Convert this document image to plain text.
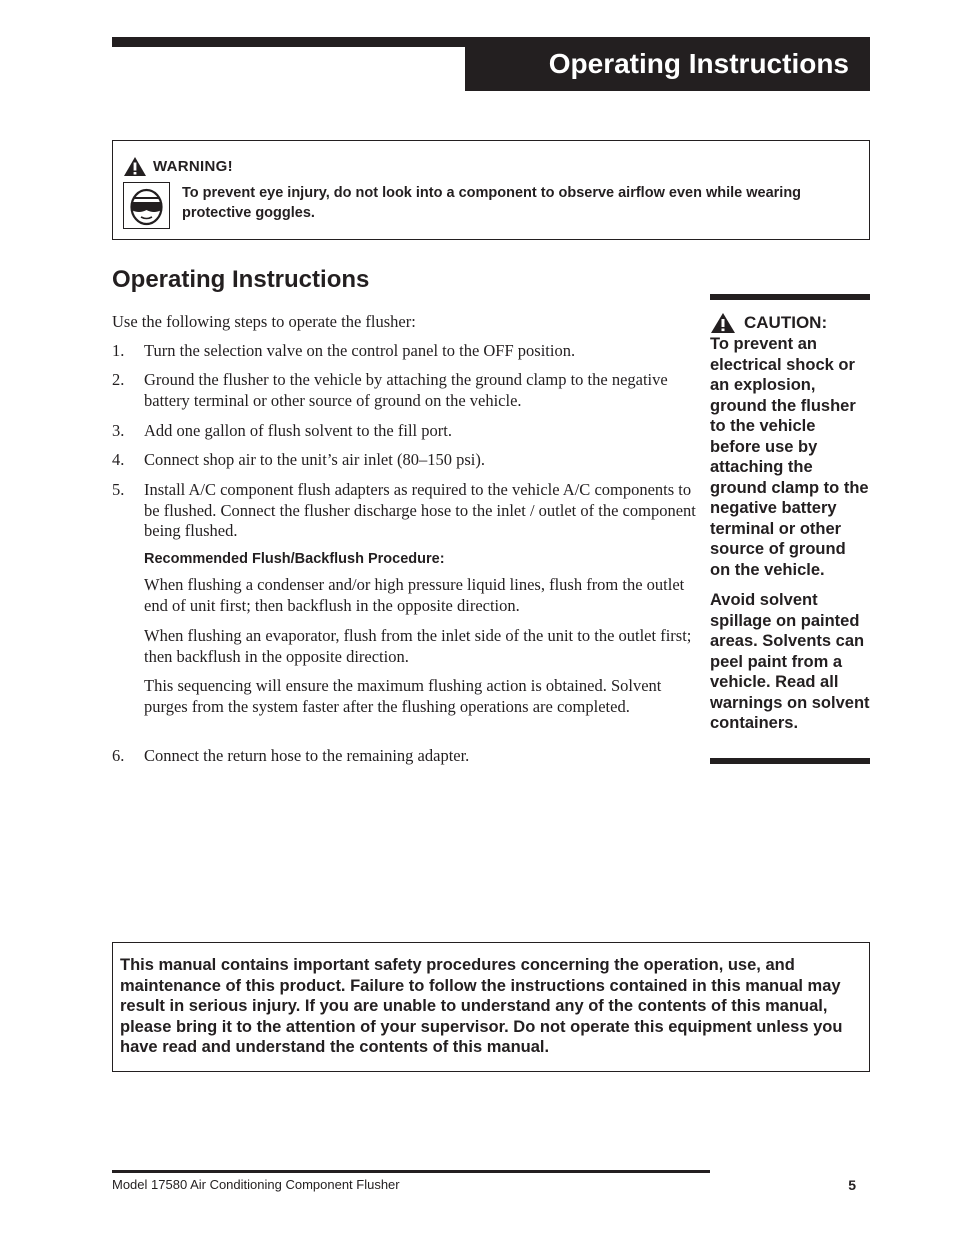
Operating Instructions
WARNING!
To prevent eye injury, do not look into a component to observe airflow even while wearing protective goggles.
Operating Instructions
Use the following steps to operate the flusher:
1. Turn the selection valve on the control panel to the OFF position.
2. Ground the flusher to the vehicle by attaching the ground clamp to the negative battery terminal or other source of ground on the vehicle.
3. Add one gallon of flush solvent to the fill port.
4. Connect shop air to the unit’s air inlet (80–150 psi).
5. Install A/C component flush adapters as required to the vehicle A/C components to be flushed. Connect the flusher discharge hose to the inlet / outlet of the component being flushed.
Recommended Flush/Backflush Procedure:
When flushing a condenser and/or high pressure liquid lines, flush from the outlet end of unit first; then backflush in the opposite direction.
When flushing an evaporator, flush from the inlet side of the unit to the outlet first; then backflush in the opposite direction.
This sequencing will ensure the maximum flushing action is obtained. Solvent purges from the system faster after the flushing operations are completed.
6. Connect the return hose to the remaining adapter.
CAUTION:

To prevent an electrical shock or an explosion, ground the flusher to the vehicle before use by attaching the ground clamp to the negative battery terminal or other source of ground on the vehicle.

Avoid solvent spillage on painted areas. Solvents can peel paint from a vehicle. Read all warnings on solvent containers.

This manual contains important safety procedures concerning the operation, use, and maintenance of this product. Failure to follow the instructions contained in this manual may result in serious injury. If you are unable to understand any of the contents of this manual, please bring it to the attention of your supervisor. Do not operate this equipment unless you have read and understand the contents of this manual.
Model 17580 Air Conditioning Component Flusher	5
